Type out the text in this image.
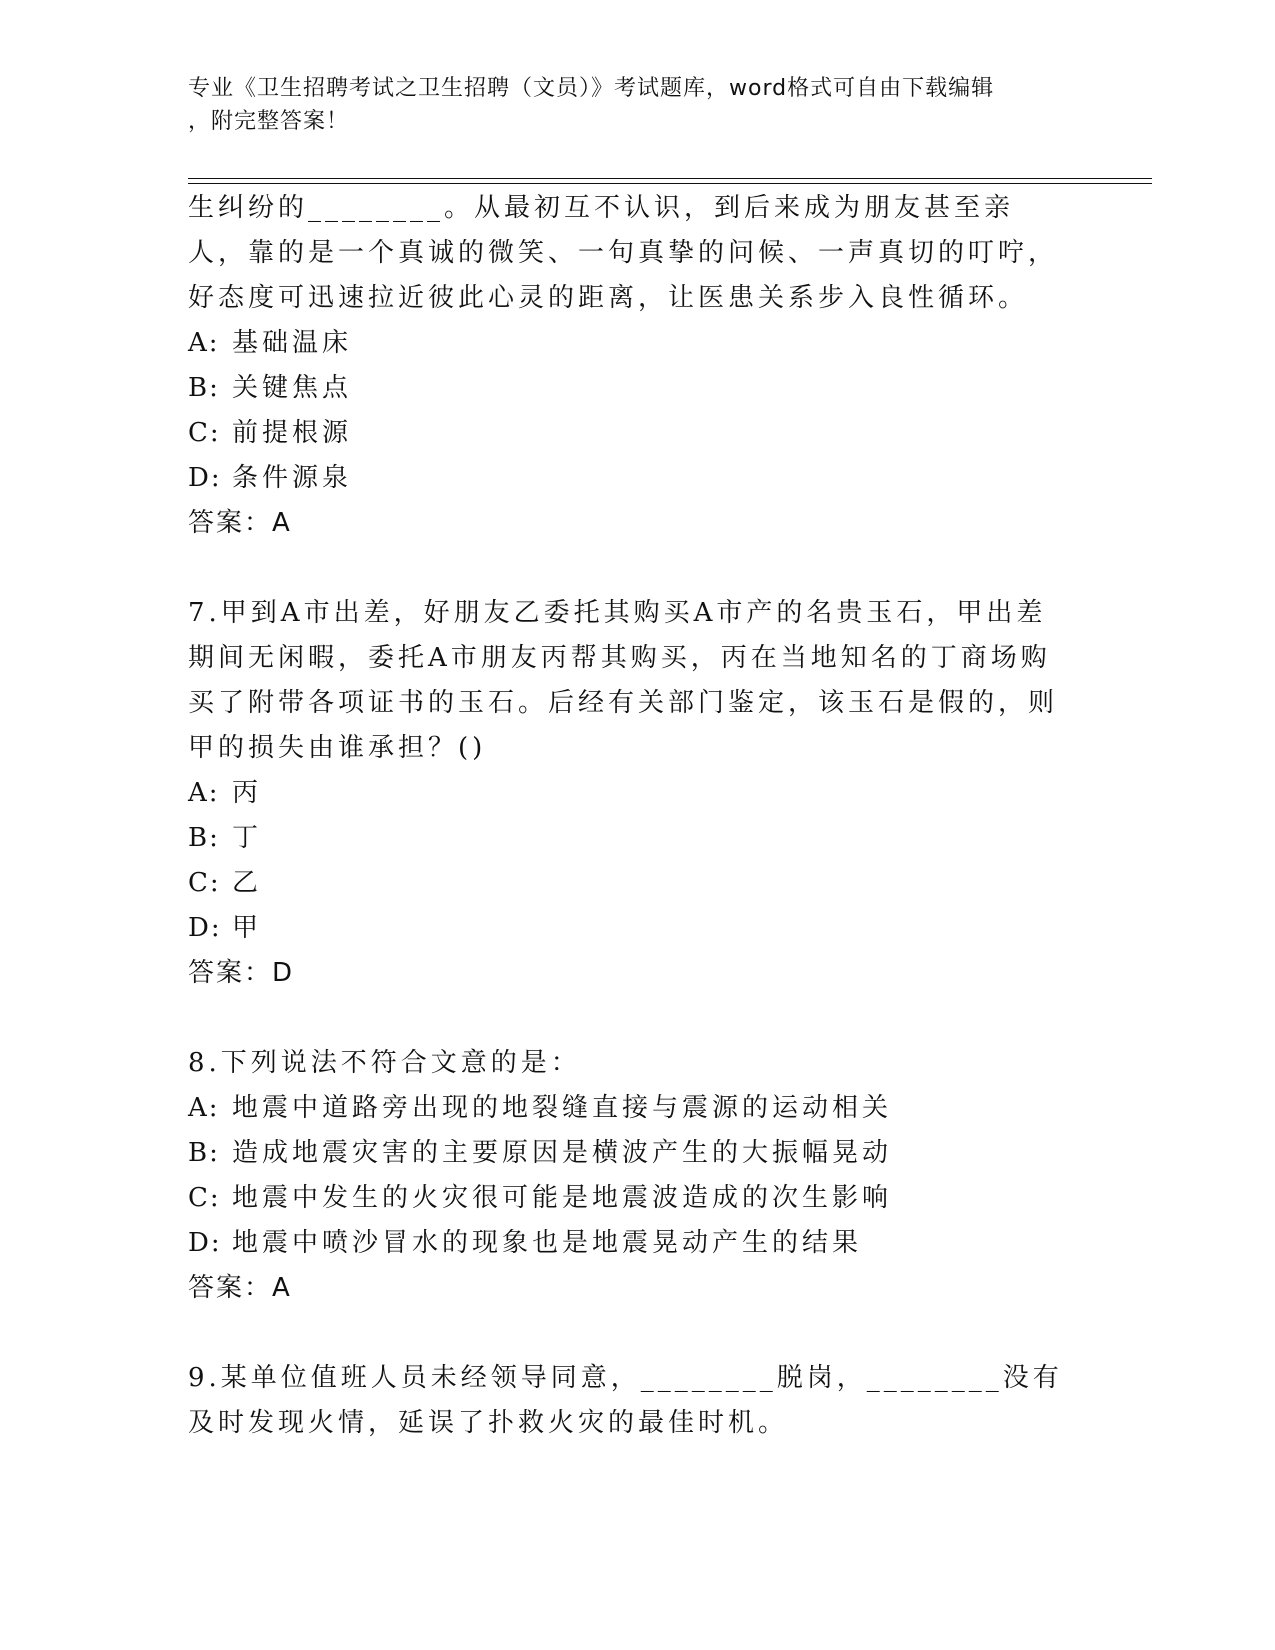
专业《卫生招聘考试之卫生招聘（文员）》考试题库，word格式可自由下载编辑
，附完整答案！

生纠纷的________。从最初互不认识，到后来成为朋友甚至亲人，靠的是一个真诚的微笑、一句真挚的问候、一声真切的叮咛，好态度可迅速拉近彼此心灵的距离，让医患关系步入良性循环。

A: 基础温床
B: 关键焦点
C: 前提根源
D: 条件源泉
答案：A

7.甲到A市出差，好朋友乙委托其购买A市产的名贵玉石，甲出差期间无闲暇，委托A市朋友丙帮其购买，丙在当地知名的丁商场购买了附带各项证书的玉石。后经有关部门鉴定，该玉石是假的，则甲的损失由谁承担？()

A: 丙
B: 丁
C: 乙
D: 甲
答案：D

8.下列说法不符合文意的是：

A: 地震中道路旁出现的地裂缝直接与震源的运动相关
B: 造成地震灾害的主要原因是横波产生的大振幅晃动
C: 地震中发生的火灾很可能是地震波造成的次生影响
D: 地震中喷沙冒水的现象也是地震晃动产生的结果
答案：A

9.某单位值班人员未经领导同意，________脱岗，________没有及时发现火情，延误了扑救火灾的最佳时机。
